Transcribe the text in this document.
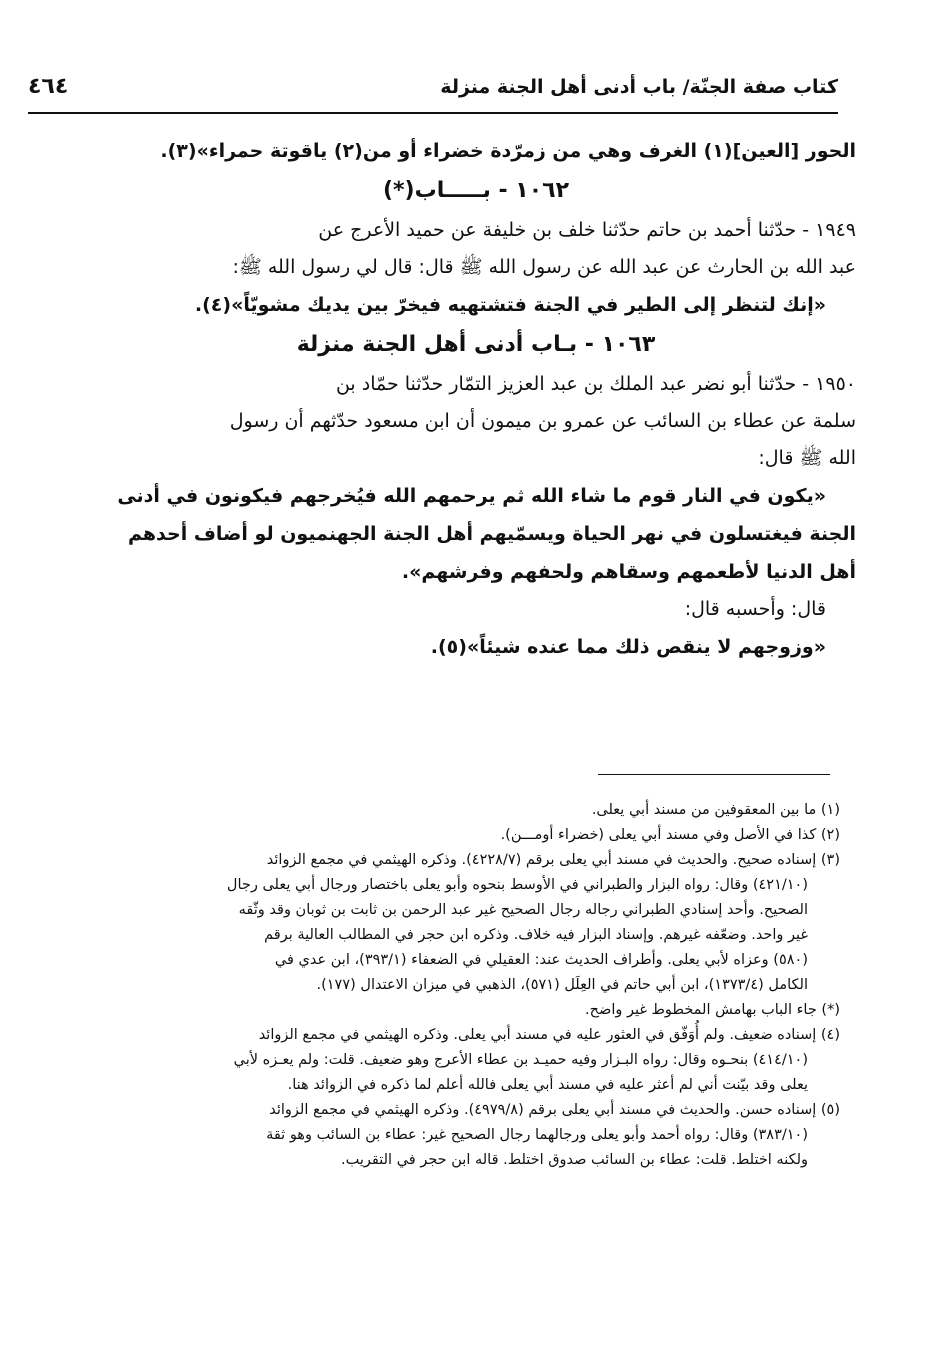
كتاب صفة الجنّة/ باب أدنى أهل الجنة منزلة
٤٦٤
الحور [العين](١) الغرف وهي من زمرّدة خضراء أو من(٢) ياقوتة حمراء»(٣).
١٠٦٢ - بـــــاب(*)
١٩٤٩ - حدّثنا أحمد بن حاتم حدّثنا خلف بن خليفة عن حميد الأعرج عن
عبد الله بن الحارث عن عبد الله عن رسول الله ﷺ قال: قال لي رسول الله ﷺ:
«إنك لتنظر إلى الطير في الجنة فتشتهيه فيخرّ بين يديك مشويّاً»(٤).
١٠٦٣ - بـاب أدنى أهل الجنة منزلة
١٩٥٠ - حدّثنا أبو نضر عبد الملك بن عبد العزيز التمّار حدّثنا حمّاد بن
سلمة عن عطاء بن السائب عن عمرو بن ميمون أن ابن مسعود حدّثهم أن رسول
الله ﷺ قال:
«يكون في النار قوم ما شاء الله ثم يرحمهم الله فيُخرجهم فيكونون في أدنى
الجنة فيغتسلون في نهر الحياة ويسمّيهم أهل الجنة الجهنميون لو أضاف أحدهم
أهل الدنيا لأطعمهم وسقاهم ولحفهم وفرشهم».
قال: وأحسبه قال:
«وزوجهم لا ينقص ذلك مما عنده شيئاً»(٥).
(١) ما بين المعقوفين من مسند أبي يعلى.
(٢) كذا في الأصل وفي مسند أبي يعلى (خضراء أومـــن).
(٣) إسناده صحيح. والحديث في مسند أبي يعلى برقم (٤٢٢٨/٧). وذكره الهيثمي في مجمع الزوائد
(٤٢١/١٠) وقال: رواه البزار والطبراني في الأوسط بنحوه وأبو يعلى باختصار ورجال أبي يعلى رجال
الصحيح. وأحد إسنادي الطبراني رجاله رجال الصحيح غير عبد الرحمن بن ثابت بن ثوبان وقد وثّقه
غير واحد. وضعّفه غيرهم. وإسناد البزار فيه خلاف. وذكره ابن حجر في المطالب العالية برقم
(٥٨٠) وعزاه لأبي يعلى. وأطراف الحديث عند: العقيلي في الضعفاء (٣٩٣/١)، ابن عدي في
الكامل (١٣٧٣/٤)، ابن أبي حاتم في العِلَل (٥٧١)، الذهبي في ميزان الاعتدال (١٧٧).
(*) جاء الباب بهامش المخطوط غير واضح.
(٤) إسناده ضعيف. ولم أُوَفّق في العثور عليه في مسند أبي يعلى. وذكره الهيثمي في مجمع الزوائد
(٤١٤/١٠) بنحـوه وقال: رواه البـزار وفيه حميـد بن عطاء الأعرج وهو ضعيف. قلت: ولم يعـزه لأبي
يعلى وقد بيّنت أني لم أعثر عليه في مسند أبي يعلى فالله أعلم لما ذكره في الزوائد هنا.
(٥) إسناده حسن. والحديث في مسند أبي يعلى برقم (٤٩٧٩/٨). وذكره الهيثمي في مجمع الزوائد
(٣٨٣/١٠) وقال: رواه أحمد وأبو يعلى ورجالهما رجال الصحيح غير: عطاء بن السائب وهو ثقة
ولكنه اختلط. قلت: عطاء بن السائب صدوق اختلط. قاله ابن حجر في التقريب.
